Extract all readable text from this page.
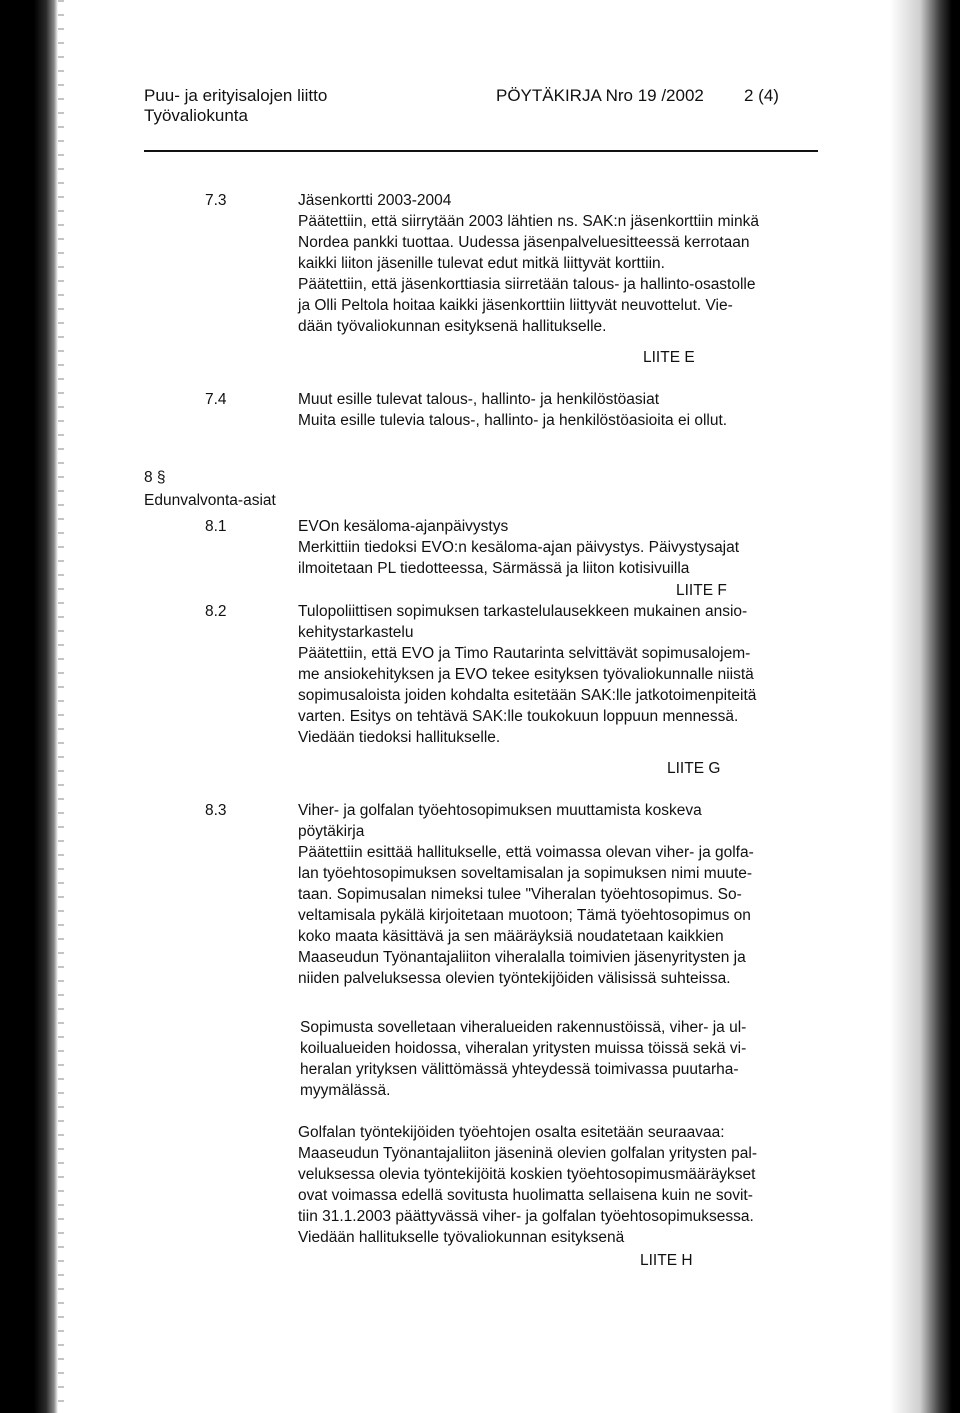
Puu- ja erityisalojen liitto	PÖYTÄKIRJA Nro 19 /2002 2 (4)
Työvaliokunta
7.3	Jäsenkortti 2003-2004
Päätettiin, että siirrytään 2003 lähtien ns. SAK:n jäsenkorttiin minkä
Nordea pankki tuottaa. Uudessa jäsenpalveluesitteessä kerrotaan
kaikki liiton jäsenille tulevat edut mitkä liittyvät korttiin.
Päätettiin, että jäsenkorttiasia siirretään talous- ja hallinto-osastolle
ja Olli Peltola hoitaa kaikki jäsenkorttiin liittyvät neuvottelut. Vie-
dään työvaliokunnan esityksenä hallitukselle.
LIITE E
7.4	Muut esille tulevat talous-, hallinto- ja henkilöstöasiat
Muita esille tulevia talous-, hallinto- ja henkilöstöasioita ei ollut.
8 §
Edunvalvonta-asiat
8.1	EVOn kesäloma-ajanpäivystys
Merkittiin tiedoksi EVO:n kesäloma-ajan päivystys. Päivystysajat
ilmoitetaan PL tiedotteessa, Särmässä ja liiton kotisivuilla
LIITE F
8.2	Tulopoliittisen sopimuksen tarkastelulausekkeen mukainen ansio-
kehitystarkastelu
Päätettiin, että EVO ja Timo Rautarinta selvittävät sopimusalojem-
me ansiokehityksen ja EVO tekee esityksen työvaliokunnalle niistä
sopimusaloista joiden kohdalta esitetään SAK:lle jatkotoimenpiteitä
varten. Esitys on tehtävä SAK:lle toukokuun loppuun mennessä.
Viedään tiedoksi hallitukselle.
LIITE G
8.3	Viher- ja golfalan työehtosopimuksen muuttamista koskeva
pöytäkirja
Päätettiin esittää hallitukselle, että voimassa olevan viher- ja golfa-
lan työehtosopimuksen soveltamisalan ja sopimuksen nimi muute-
taan. Sopimusalan nimeksi tulee "Viheralan työehtosopimus. So-
veltamisala pykälä kirjoitetaan muotoon; Tämä työehtosopimus on
koko maata käsittävä ja sen määräyksiä noudatetaan kaikkien
Maaseudun Työnantajaliiton viheralalla toimivien jäsenyritysten ja
niiden palveluksessa olevien työntekijöiden välisissä suhteissa.
Sopimusta sovelletaan viheralueiden rakennustöissä, viher- ja ul-
koilualueiden hoidossa, viheralan yritysten muissa töissä sekä vi-
heralan yrityksen välittömässä yhteydessä toimivassa puutarha-
myymälässä.
Golfalan työntekijöiden työehtojen osalta esitetään seuraavaa:
Maaseudun Työnantajaliiton jäseninä olevien golfalan yritysten pal-
veluksessa olevia työntekijöitä koskien työehtosopimusmääräykset
ovat voimassa edellä sovitusta huolimatta sellaisena kuin ne sovit-
tiin 31.1.2003 päättyvässä viher- ja golfalan työehtosopimuksessa.
Viedään hallitukselle työvaliokunnan esityksenä
LIITE H
